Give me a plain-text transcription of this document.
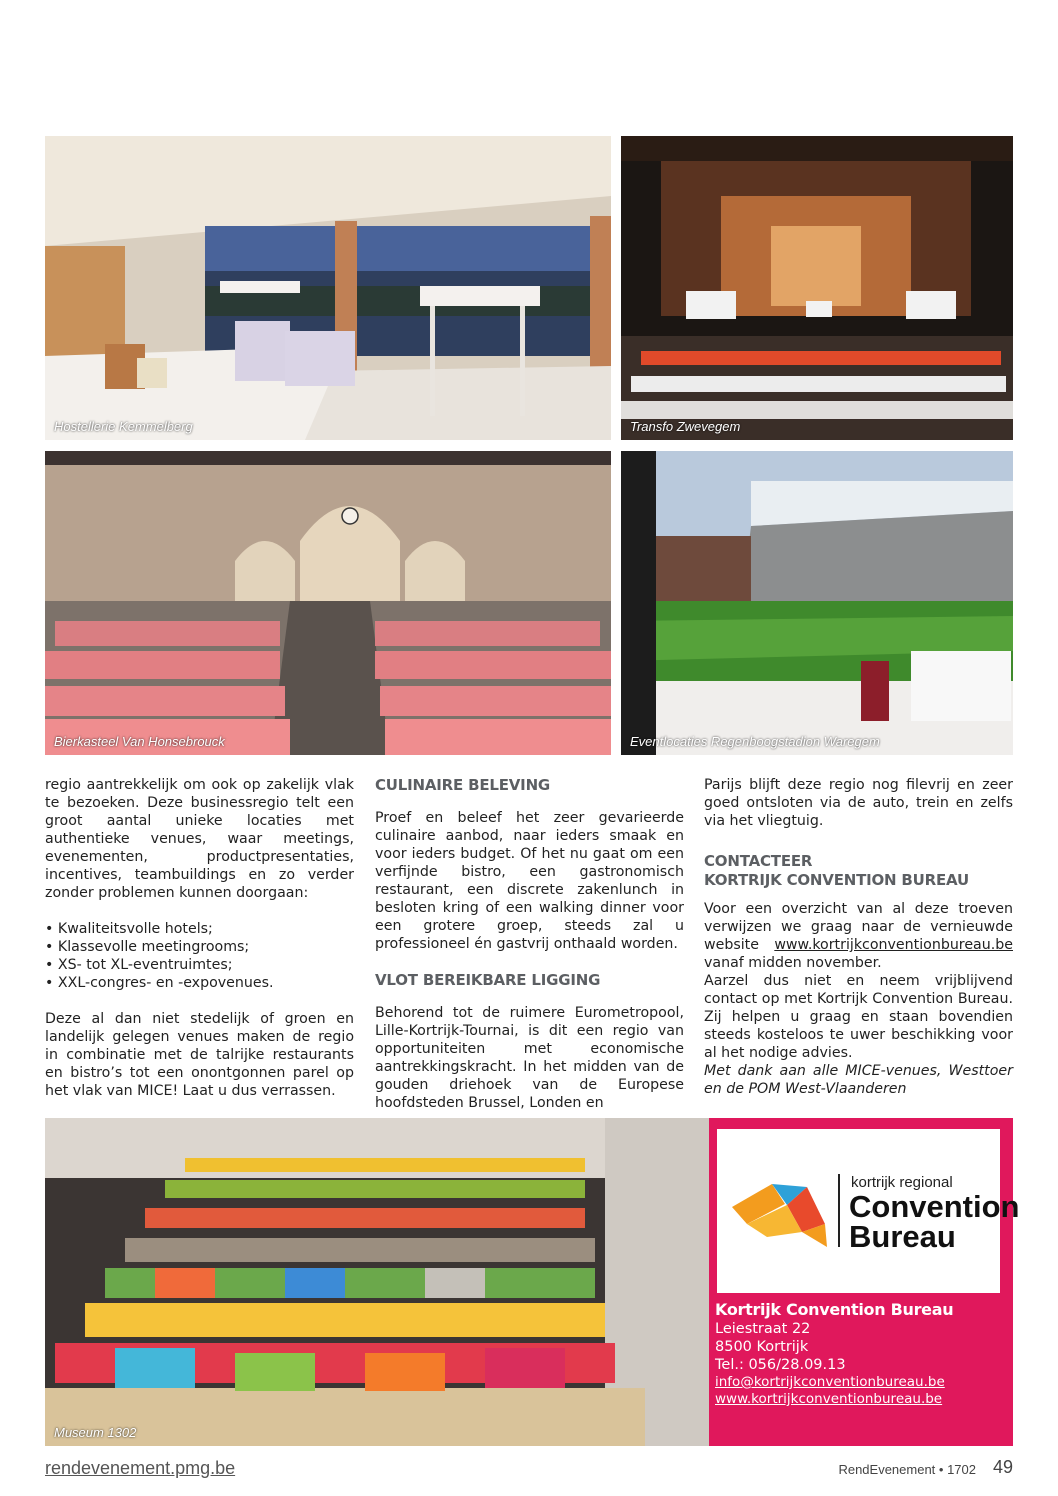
Hostellerie Kemmelberg	Transfo Zwevegem
Bierkasteel Van Honsebrouck	Eventlocaties Regenboogstadion Waregem

regio aantrekkelijk om ook op zakelijk vlak te bezoeken. Deze businessregio telt een groot aantal unieke locaties met authentieke venues, waar meetings, evenementen, productpresentaties, incentives, teambuildings en zo verder zonder problemen kunnen doorgaan:

• Kwaliteitsvolle hotels;
• Klassevolle meetingrooms;
• XS- tot XL-eventruimtes;
• XXL-congres- en -expovenues.

Deze al dan niet stedelijk of groen en landelijk gelegen venues maken de regio in combinatie met de talrijke restaurants en bistro’s tot een onontgonnen parel op het vlak van MICE! Laat u dus verrassen.

CULINAIRE BELEVING

Proef en beleef het zeer gevarieerde culinaire aanbod, naar ieders smaak en voor ieders budget. Of het nu gaat om een verfijnde bistro, een gastronomisch restaurant, een discrete zakenlunch in besloten kring of een walking dinner voor een grotere groep, steeds zal u professioneel én gastvrij onthaald worden.

VLOT BEREIKBARE LIGGING

Behorend tot de ruimere Eurometropool, Lille-Kortrijk-Tournai, is dit een regio van opportuniteiten met economische aantrekkingskracht. In het midden van de gouden driehoek van de Europese hoofdsteden Brussel, Londen en

Parijs blijft deze regio nog filevrij en zeer goed ontsloten via de auto, trein en zelfs via het vliegtuig.

CONTACTEER
KORTRIJK CONVENTION BUREAU

Voor een overzicht van al deze troeven verwijzen we graag naar de vernieuwde website www.kortrijkconventionbureau.be vanaf midden november.

Aarzel dus niet en neem vrijblijvend contact op met Kortrijk Convention Bureau. Zij helpen u graag en staan bovendien steeds kosteloos te uwer beschikking voor al het nodige advies.

Met dank aan alle MICE-venues, Westtoer en de POM West-Vlaanderen

Museum 1302
kortrijk regional
Convention
Bureau
Kortrijk Convention Bureau
Leiestraat 22
8500 Kortrijk
Tel.: 056/28.09.13
info@kortrijkconventionbureau.be
www.kortrijkconventionbureau.be
rendevenement.pmg.be	RendEvenement • 1702 49
